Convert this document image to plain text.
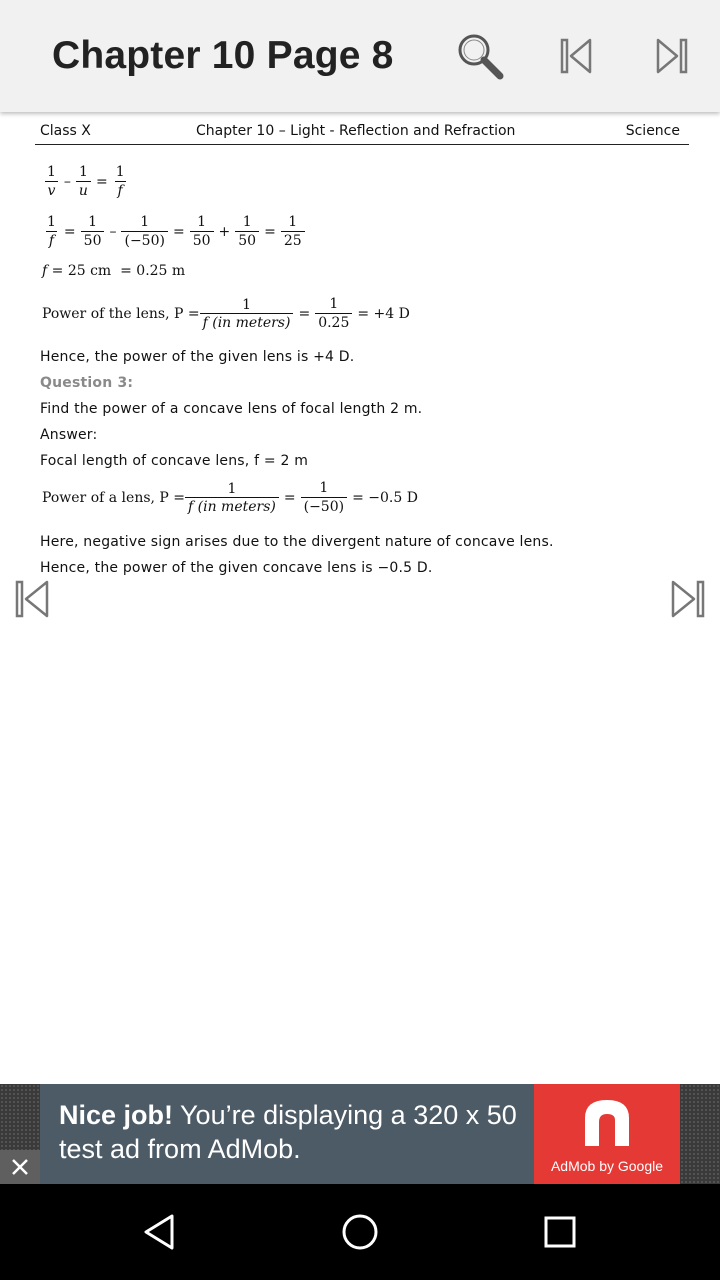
Chapter 10 Page 8
Class X	Chapter 10 – Light - Reflection and Refraction	Science
$\frac{1}{v} - \frac{1}{u} = \frac{1}{f}$
$\frac{1}{f} = \frac{1}{50} - \frac{1}{(-50)} = \frac{1}{50} + \frac{1}{50} = \frac{1}{25}$
f = 25 cm  = 0.25 m
Power of the lens, $P = \frac{1}{\text{f (in meters)}} = \frac{1}{0.25} = +4$ D
Hence, the power of the given lens is +4 D.
Question 3:
Find the power of a concave lens of focal length 2 m.
Answer:
Focal length of concave lens, f = 2 m
Power of a lens, $P = \frac{1}{\text{f (in meters)}} = \frac{1}{(-50)} = -0.5$ D
Here, negative sign arises due to the divergent nature of concave lens.
Hence, the power of the given concave lens is −0.5 D.
Nice job! You’re displaying a 320 x 50
test ad from AdMob.
AdMob by Google
